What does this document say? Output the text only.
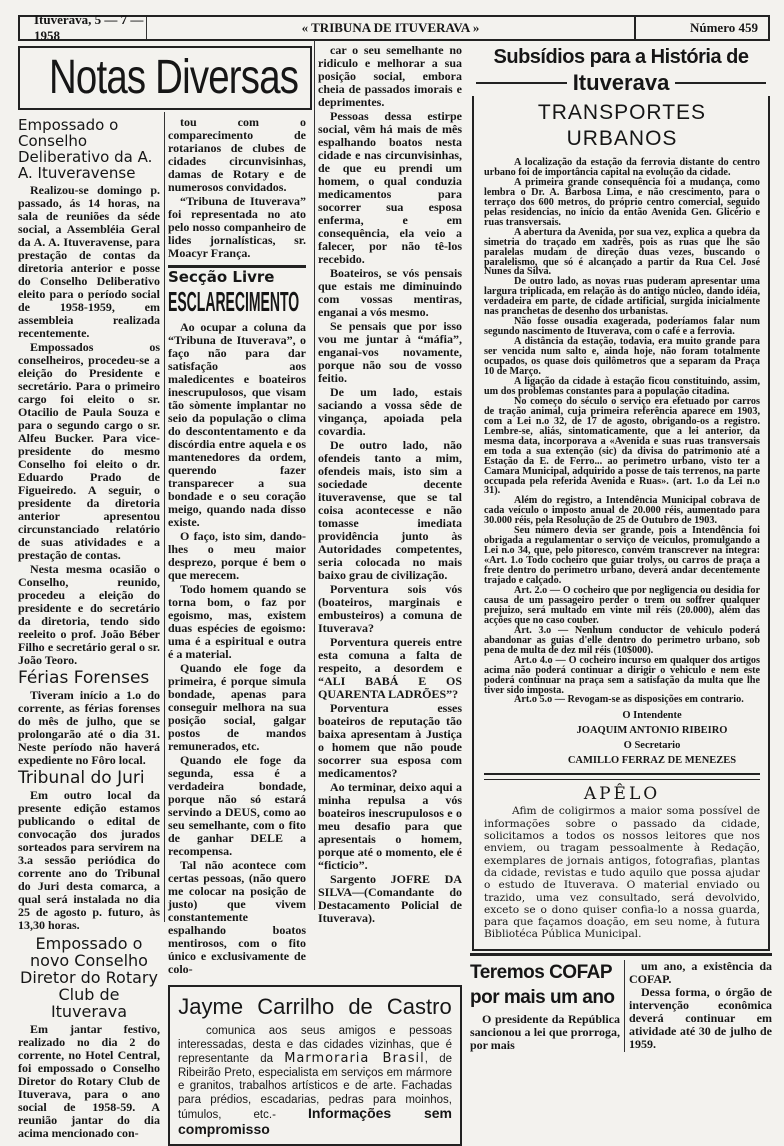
Ituverava, 5 — 7 — 1958
« TRIBUNA DE ITUVERAVA »	Número 459
Notas Diversas
Empossado o Conselho Deliberativo da A. A. Ituveravense

Realizou-se domingo p. passado, ás 14 horas, na sala de reuniões da séde social, a Assembléia Geral da A. A. Ituveravense, para prestação de contas da diretoria anterior e posse do Conselho Deliberativo eleito para o período social de 1958-1959, em assembleia realizada recentemente.

Empossados os conselheiros, procedeu-se a eleição do Presidente e secretário. Para o primeiro cargo foi eleito o sr. Otacilio de Paula Souza e para o segundo cargo o sr. Alfeu Bucker. Para vice-presidente do mesmo Conselho foi eleito o dr. Eduardo Prado de Figueiredo. A seguir, o presidente da diretoria anterior apresentou circunstanciado relatório de suas atividades e a prestação de contas.

Nesta mesma ocasião o Conselho, reunido, procedeu a eleição do presidente e do secretário da diretoria, tendo sido reeleito o prof. João Béber Filho e secretário geral o sr. João Teoro.

Férias Forenses

Tiveram início a 1.o do corrente, as férias forenses do mês de julho, que se prolongarão até o dia 31. Neste período não haverá expediente no Fôro local.

Tribunal do Juri

Em outro local da presente edição estamos publicando o edital de convocação dos jurados sorteados para servirem na 3.a sessão periódica do corrente ano do Tribunal do Juri desta comarca, a qual será instalada no dia 25 de agosto p. futuro, às 13,30 horas.

Empossado o novo Conselho Diretor do Rotary Club de Ituverava

Em jantar festivo, realizado no dia 2 do corrente, no Hotel Central, foi empossado o Conselho Diretor do Rotary Club de Ituverava, para o ano social de 1958-59. A reunião jantar do dia acima mencionado con-

tou com o comparecimento de rotarianos de clubes de cidades circunvisinhas, damas de Rotary e de numerosos convidados.

“Tribuna de Ituverava” foi representada no ato pelo nosso companheiro de lides jornalísticas, sr. Moacyr França.

Secção Livre
ESCLARECIMENTO

Ao ocupar a coluna da “Tribuna de Ituverava”, o faço não para dar satisfação aos maledicentes e boateiros inescrupulosos, que visam tão sòmente implantar no seio da população o clima do descontentamento e da discórdia entre aquela e os mantenedores da ordem, querendo fazer transparecer a sua bondade e o seu coração meigo, quando nada disso existe.

O faço, isto sim, dando-lhes o meu maior desprezo, porque é bem o que merecem.

Todo homem quando se torna bom, o faz por egoismo, mas, existem duas espécies de egoismo: uma é a espiritual e outra é a material.

Quando ele foge da primeira, é porque simula bondade, apenas para conseguir melhora na sua posição social, galgar postos de mandos remunerados, etc.

Quando ele foge da segunda, essa é a verdadeira bondade, porque não só estará servindo a DEUS, como ao seu semelhante, com o fito de ganhar DELE a recompensa.

Tal não acontece com certas pessoas, (não quero me colocar na posição de justo) que vivem constantemente espalhando boatos mentirosos, com o fito único e exclusivamente de colo-

car o seu semelhante no ridiculo e melhorar a sua posição social, embora cheia de passados imorais e deprimentes.

Pessoas dessa estirpe social, vêm há mais de mês espalhando boatos nesta cidade e nas circunvisinhas, de que eu prendi um homem, o qual conduzia medicamentos para socorrer sua esposa enferma, e em consequência, ela veio a falecer, por não tê-los recebido.

Boateiros, se vós pensais que estais me diminuindo com vossas mentiras, enganai a vós mesmo.

Se pensais que por isso vou me juntar à “máfia”, enganai-vos novamente, porque não sou de vosso feitio.

De um lado, estais saciando a vossa sêde de vingança, apoiada pela covardia.

De outro lado, não ofendeis tanto a mim, ofendeis mais, isto sim a sociedade decente ituveravense, que se tal coisa acontecesse e não tomasse imediata providência junto às Autoridades competentes, seria colocada no mais baixo grau de civilização.

Porventura sois vós (boateiros, marginais e embusteiros) a comuna de Ituverava?

Porventura quereis entre esta comuna a falta de respeito, a desordem e “ALI BABÁ E OS QUARENTA LADRÕES”?

Porventura esses boateiros de reputação tão baixa apresentam à Justiça o homem que não poude socorrer sua esposa com medicamentos?

Ao terminar, deixo aqui a minha repulsa a vós boateiros inescrupulosos e o meu desafio para que apresentais o homem, porque até o momento, ele é “ficticio”.

Sargento JOFRE DA SILVA—(Comandante do Destacamento Policial de Ituverava).

Jayme Carrilho de Castro
comunica aos seus amigos e pessoas interessadas, desta e das cidades vizinhas, que é representante da Marmoraria Brasil, de Ribeirão Preto, especialista em serviços em mármore e granitos, trabalhos artísticos e de arte. Fachadas para prédios, escadarias, pedras para moinhos, túmulos, etc.- Informações sem compromisso
Subsídios para a História de
Ituverava
TRANSPORTES URBANOS

A localização da estação da ferrovia distante do centro urbano foi de importância capital na evolução da cidade.

A primeira grande consequência foi a mudança, como lembra o Dr. A. Barbosa Lima, e não crescimento, para o terraço dos 600 metros, do próprio centro comercial, seguido pelas residencias, no início da então Avenida Gen. Glicério e ruas transversais.

A abertura da Avenida, por sua vez, explica a quebra da simetria do traçado em xadrês, pois as ruas que lhe são paralelas mudam de direção duas vezes, buscando o paralelismo, que só é alcançado a partir da Rua Cel. José Nunes da Silva.

De outro lado, as novas ruas puderam apresentar uma largura triplicada, em relação às do antigo núcleo, dando idéia, verdadeira em parte, de cidade artificial, surgida inicialmente nas pranchetas de desenho dos urbanistas.

Não fosse ousadia exagerada, poderíamos falar num segundo nascimento de Ituverava, com o café e a ferrovia.

A distância da estação, todavia, era muito grande para ser vencida num salto e, ainda hoje, não foram totalmente ocupados, os quase dois quilômetros que a separam da Praça 10 de Março.

A ligação da cidade à estação ficou constituindo, assim, um dos problemas constantes para a população citadina.

No começo do século o serviço era efetuado por carros de tração animal, cuja primeira referência aparece em 1903, com a Lei n.o 32, de 17 de agosto, obrigando-os a registro. Lembre-se, aliás, sintomaticamente, que a lei anterior, da mesma data, incorporava a «Avenida e suas ruas transversais em toda a sua extenção (sic) da divisa do patrimonio até a Estação da E. de Ferro... ao perimetro urbano, visto ter a Camara Municipal, adquirido a posse de tais terrenos, na parte occupada pela referida Avenida e Ruas». (art. 1.o da Lei n.o 31).

Além do registro, a Intendência Municipal cobrava de cada veículo o imposto anual de 20.000 réis, aumentado para 30.000 réis, pela Resolução de 25 de Outubro de 1903.

Seu número devia ser grande, pois a Intendência foi obrigada a regulamentar o serviço de veículos, promulgando a Lei n.o 34, que, pelo pitoresco, convém transcrever na íntegra: «Art. 1.o Todo cocheiro que guiar trolys, ou carros de praça a frete dentro do perimetro urbano, deverá andar decentemente trajado e calçado.

Art. 2.o — O cocheiro que por negligencia ou desidia for causa de um passageiro perder o trem ou soffrer qualquer prejuizo, será multado em vinte mil réis (20.000), além das acções que no caso couber.

Art. 3.o — Nenhum conductor de vehiculo poderá abandonar as guias d'elle dentro do perimetro urbano, sob pena de multa de dez mil réis (10$000).

Art.o 4.o — O cocheiro incurso em qualquer dos artigos acima não poderá continuar a dirigir o vehiculo e nem este poderá continuar na praça sem a satisfação da multa que lhe tiver sido imposta.

Art.o 5.o — Revogam-se as disposições em contrario.

O Intendente
JOAQUIM ANTONIO RIBEIRO
O Secretario
CAMILLO FERRAZ DE MENEZES
APÊLO

Afim de coligirmos a maior soma possível de informações sobre o passado da cidade, solicitamos a todos os nossos leitores que nos enviem, ou tragam pessoalmente à Redação, exemplares de jornais antigos, fotografias, plantas da cidade, revistas e tudo aquilo que possa ajudar o estudo de Ituverava. O material enviado ou trazido, uma vez consultado, será devolvido, exceto se o dono quiser confia-lo a nossa guarda, para que façamos doação, em seu nome, à futura Bibliotéca Pública Municipal.

Teremos COFAP
por mais um ano

O presidente da República sancionou a lei que prorroga, por mais

um ano, a existência da COFAP.

Dessa forma, o órgão de intervenção econômica deverá continuar em atividade até 30 de julho de 1959.
